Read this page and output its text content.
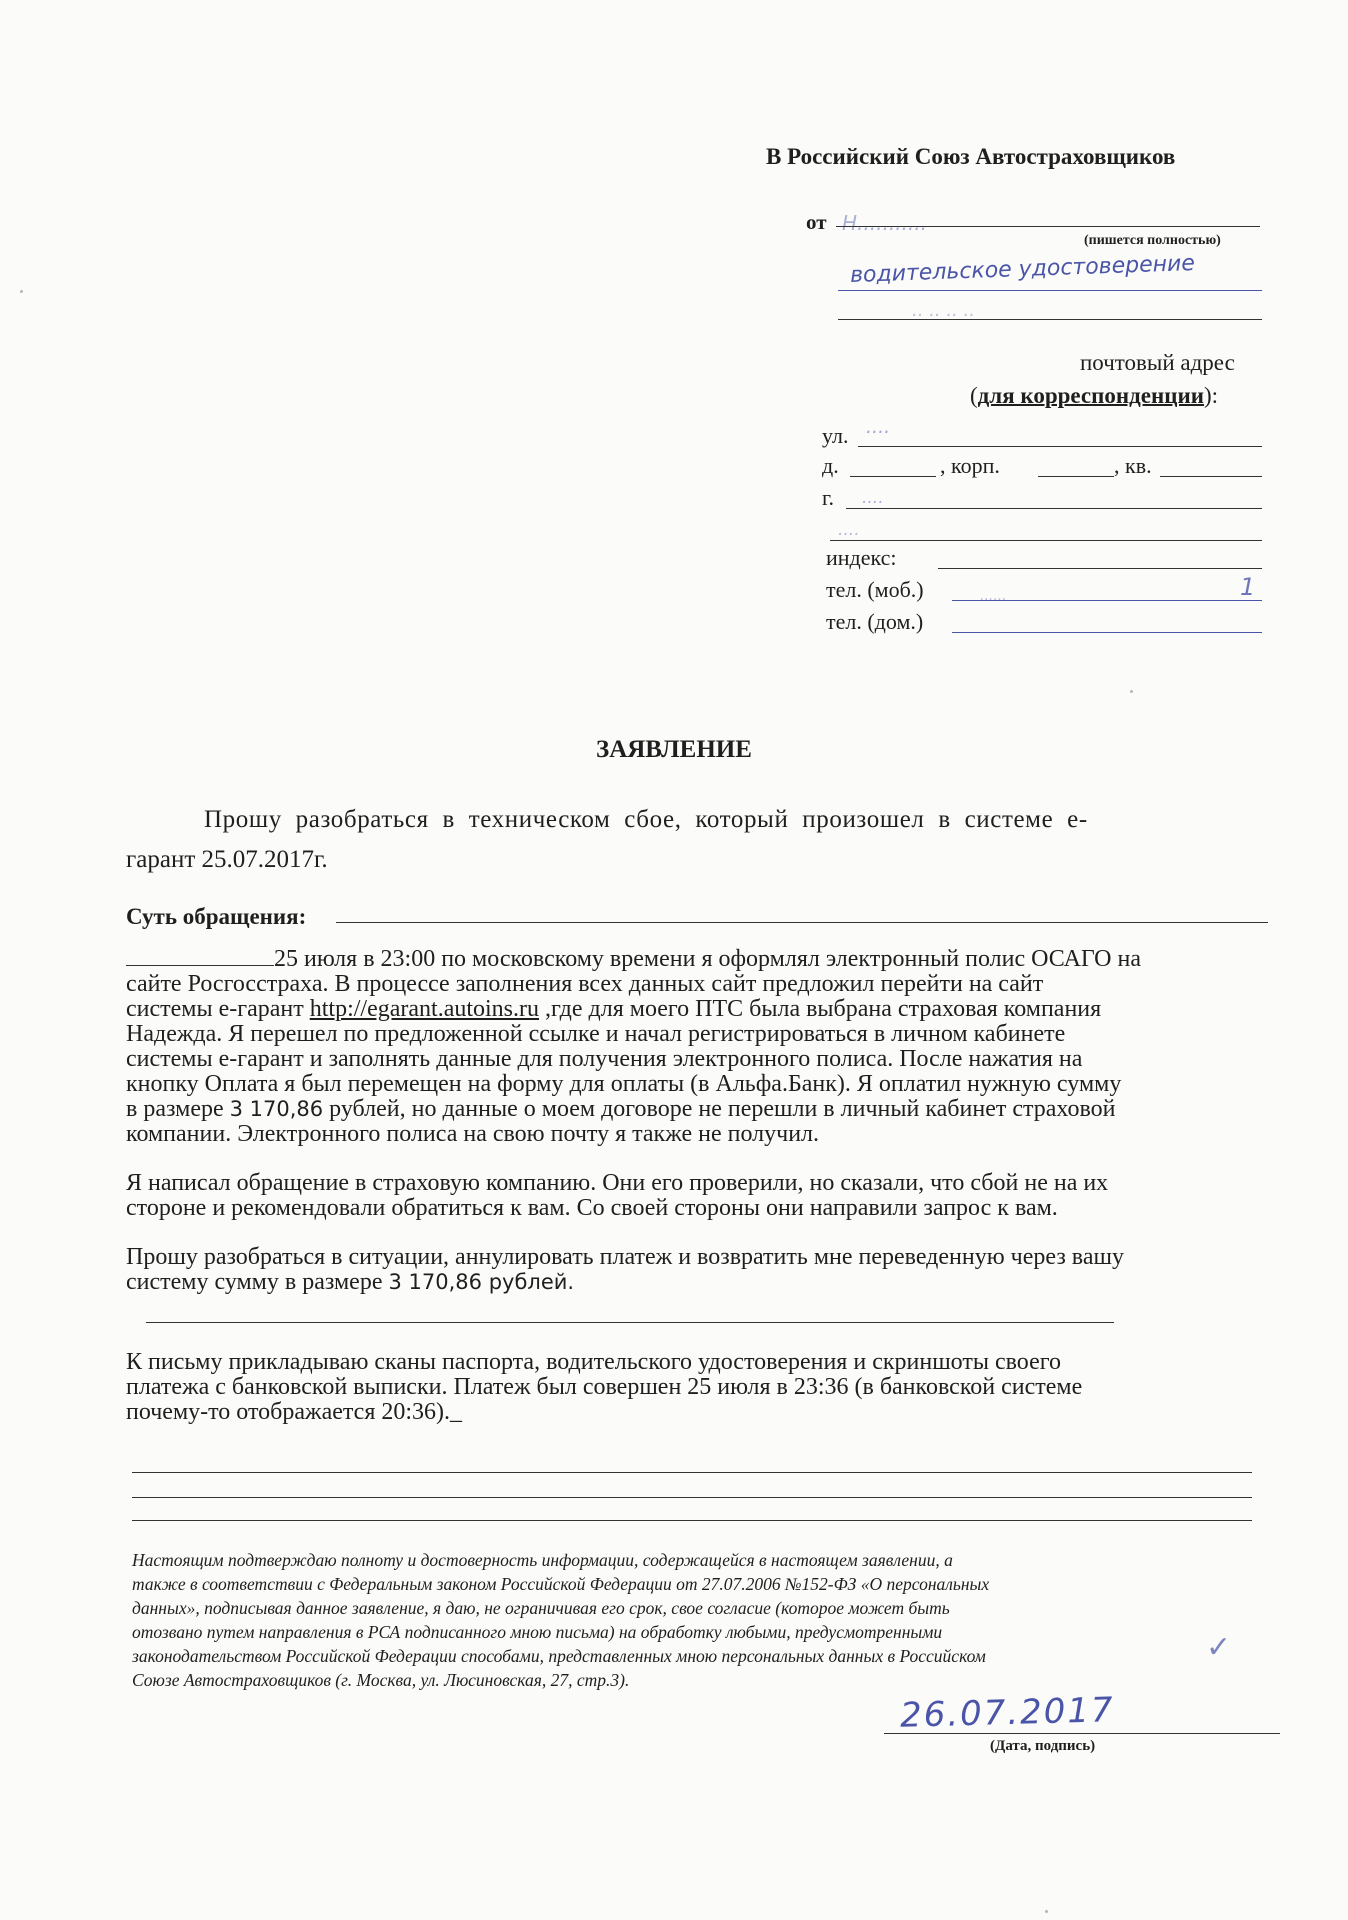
В Российский Союз Автостраховщиков
от Н...........
(пишется полностью)
водительское удостоверение
.. .. .. ..
почтовый адрес
(для корреспонденции):
ул. ....
д.	, корп.	, кв.
г. ....
....
индекс:
тел. (моб.)	......	1
тел. (дом.)
ЗАЯВЛЕНИЕ
Прошу разобраться в техническом сбое, который произошел в системе е-
гарант 25.07.2017г.
Суть обращения:
25 июля в 23:00 по московскому времени я оформлял электронный полис ОСАГО на
сайте Росгосстраха. В процессе заполнения всех данных сайт предложил перейти на сайт
системы е-гарант http://egarant.autoins.ru ,где для моего ПТС была выбрана страховая компания
Надежда. Я перешел по предложенной ссылке и начал регистрироваться в личном кабинете
системы е-гарант и заполнять данные для получения электронного полиса. После нажатия на
кнопку Оплата я был перемещен на форму для оплаты (в Альфа.Банк). Я оплатил нужную сумму
в размере 3 170,86 рублей, но данные о моем договоре не перешли в личный кабинет страховой
компании. Электронного полиса на свою почту я также не получил.
Я написал обращение в страховую компанию. Они его проверили, но сказали, что сбой не на их
стороне и рекомендовали обратиться к вам. Со своей стороны они направили запрос к вам.
Прошу разобраться в ситуации, аннулировать платеж и возвратить мне переведенную через вашу
систему сумму в размере 3 170,86 рублей.
К письму прикладываю сканы паспорта, водительского удостоверения и скриншоты своего
платежа с банковской выписки. Платеж был совершен 25 июля в 23:36 (в банковской системе
почему-то отображается 20:36)._
Настоящим подтверждаю полноту и достоверность информации, содержащейся в настоящем заявлении, а
также в соответствии с Федеральным законом Российской Федерации от 27.07.2006 №152-ФЗ «О персональных
данных», подписывая данное заявление, я даю, не ограничивая его срок, свое согласие (которое может быть
отозвано путем направления в РСА подписанного мною письма) на обработку любыми, предусмотренными
законодательством Российской Федерации способами, представленных мною персональных данных в Российском
Союзе Автостраховщиков (г. Москва, ул. Люсиновская, 27, стр.3).
✓
26.07.2017
(Дата, подпись)
